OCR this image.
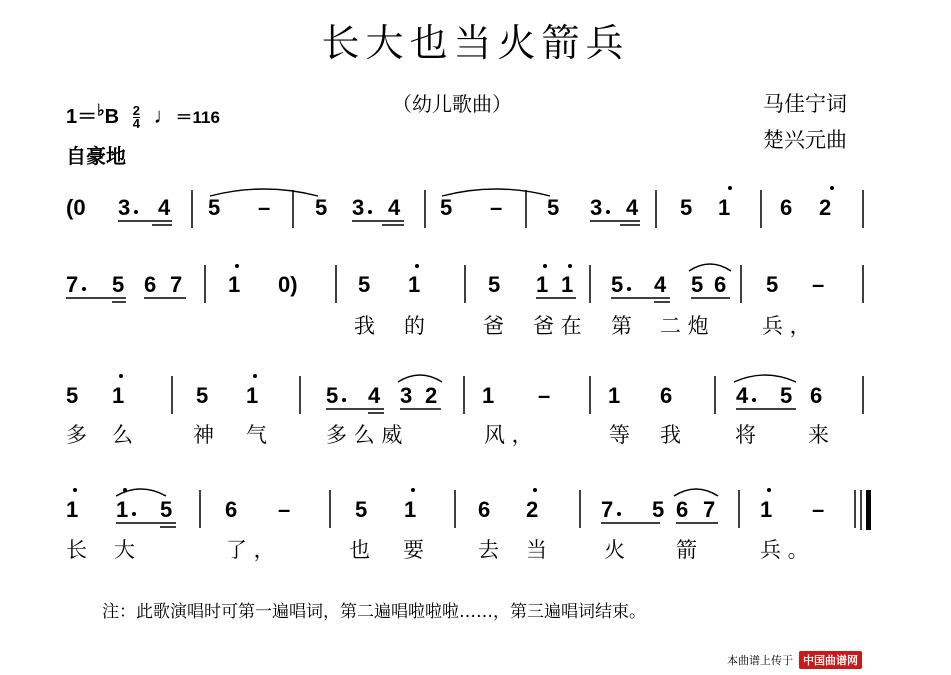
长大也当火箭兵
（幼儿歌曲）	马佳宁词
楚兴元曲
$1=^♭B \frac{2}{4}$ ♩＝116
自豪地
(0 3 4 5 – 5 3 4 5 – 5 3 4 5 1 6 2
7 5 6 7 1 0)	5 1	5 1 1 5 4 5 6 5 –
5 1	5 1	5 4 3 2 1 –	1 6	4 5 6
1 1 5 6 –	5 1	6 2	7 5 6 7 1 –
我 的	爸 爸 在 第 二 炮	兵 ，
多 么	神 气	多 么 威	风 ，	等 我	将 来
长 大	了 ，	也 要	去 当	火 箭	兵 。
注：此歌演唱时可第一遍唱词，第二遍唱啦啦啦……，第三遍唱词结束。
本曲谱上传于 中国曲谱网
